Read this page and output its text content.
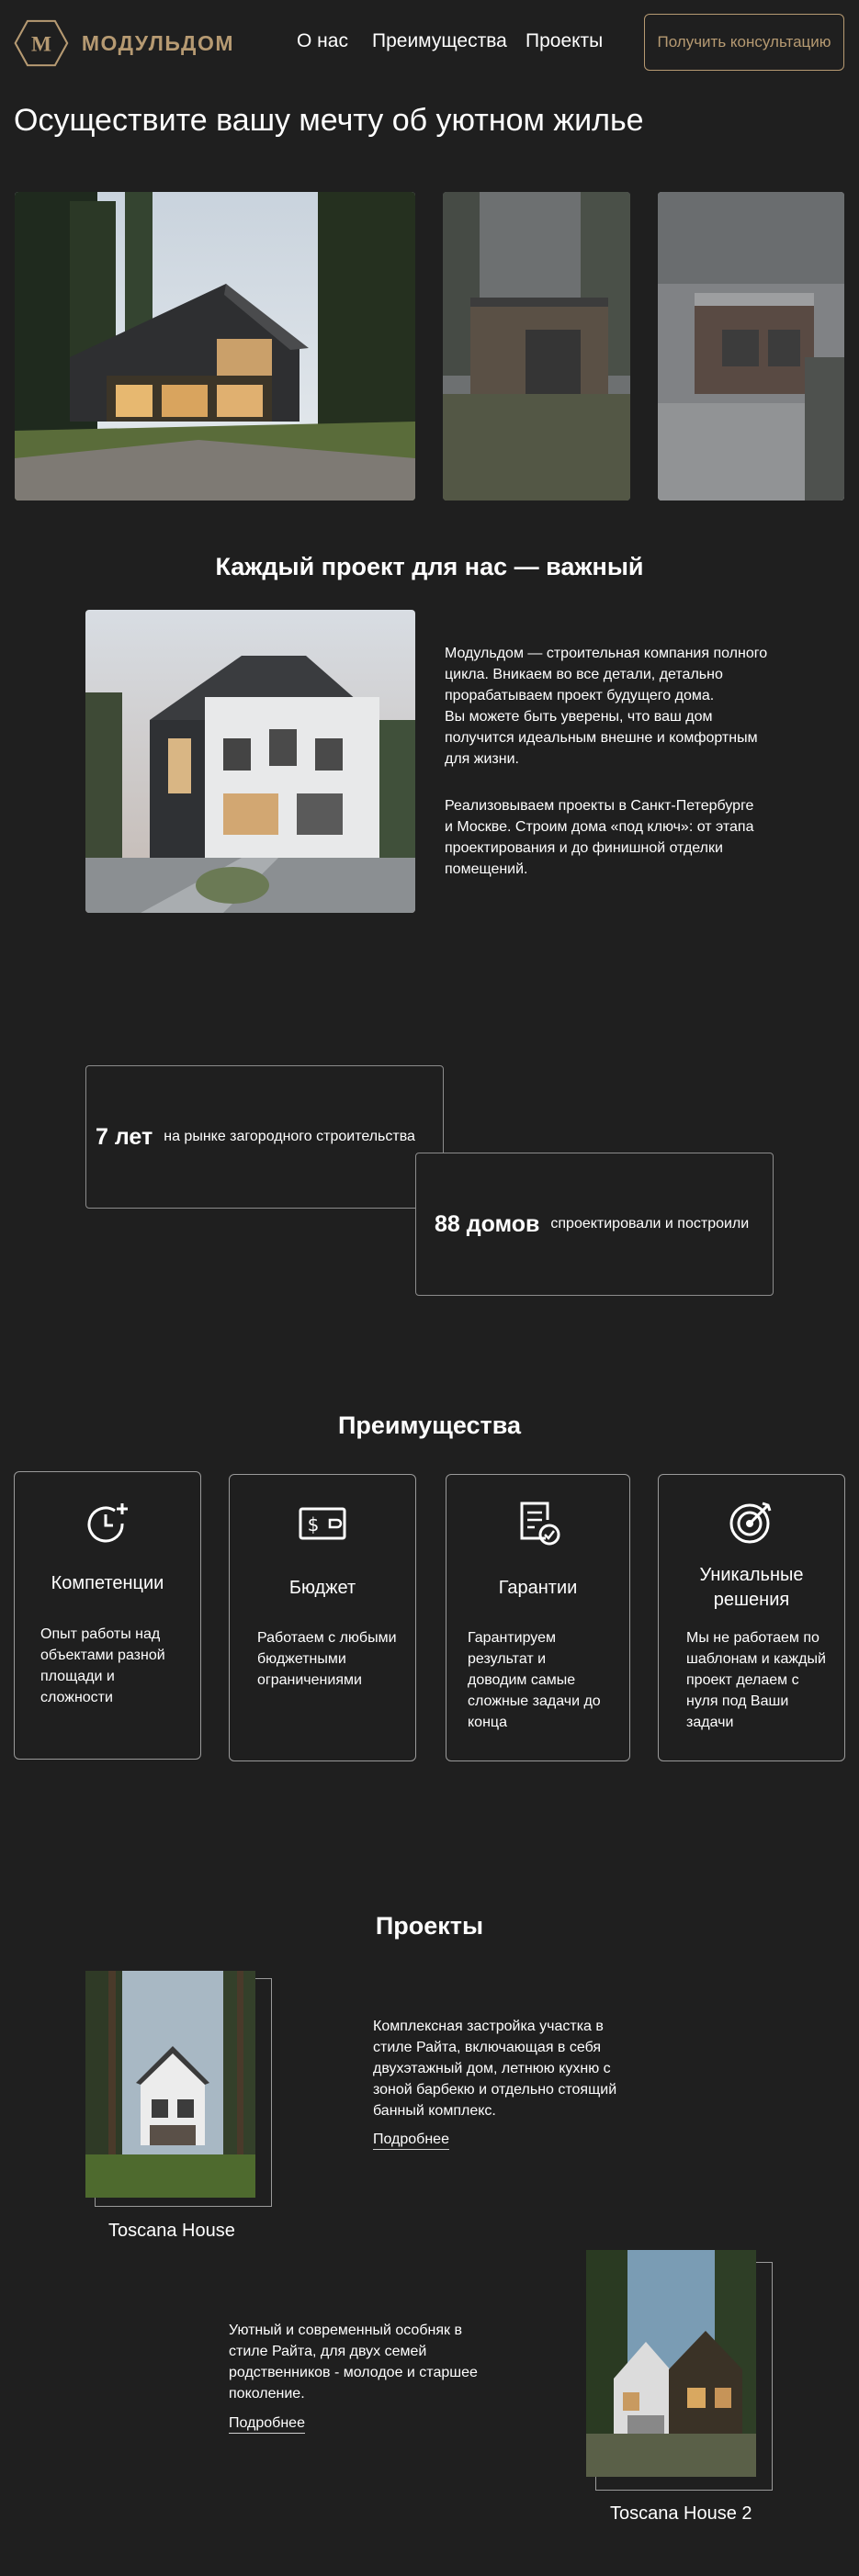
М МОДУЛЬДОМ	О нас Преимущества Проекты	Получить консультацию
Осуществите вашу мечту об уютном жилье
Каждый проект для нас — важный
Модульдом — строительная компания полного
цикла. Вникаем во все детали, детально
прорабатываем проект будущего дома.
Вы можете быть уверены, что ваш дом
получится идеальным внешне и комфортным
для жизни.
Реализовываем проекты в Санкт-Петербурге
и Москве. Строим дома «под ключ»: от этапа
проектирования и до финишной отделки
помещений.
7 лет на рынке загородного строительства
88 домов спроектировали и построили
Преимущества
Компетенции
Опыт работы над
объектами разной
площади и
сложности
$
Бюджет
Работаем с любыми
бюджетными
ограничениями
Гарантии
Гарантируем
результат и
доводим самые
сложные задачи до
конца
Уникальные
решения
Мы не работаем по
шаблонам и каждый
проект делаем с
нуля под Ваши
задачи
Проекты
Toscana House
Комплексная застройка участка в
стиле Райта, включающая в себя
двухэтажный дом, летнюю кухню с
зоной барбекю и отдельно стоящий
банный комплекс.
Подробнее
Toscana House 2
Уютный и современный особняк в
стиле Райта, для двух семей
родственников - молодое и старшее
поколение.
Подробнее
